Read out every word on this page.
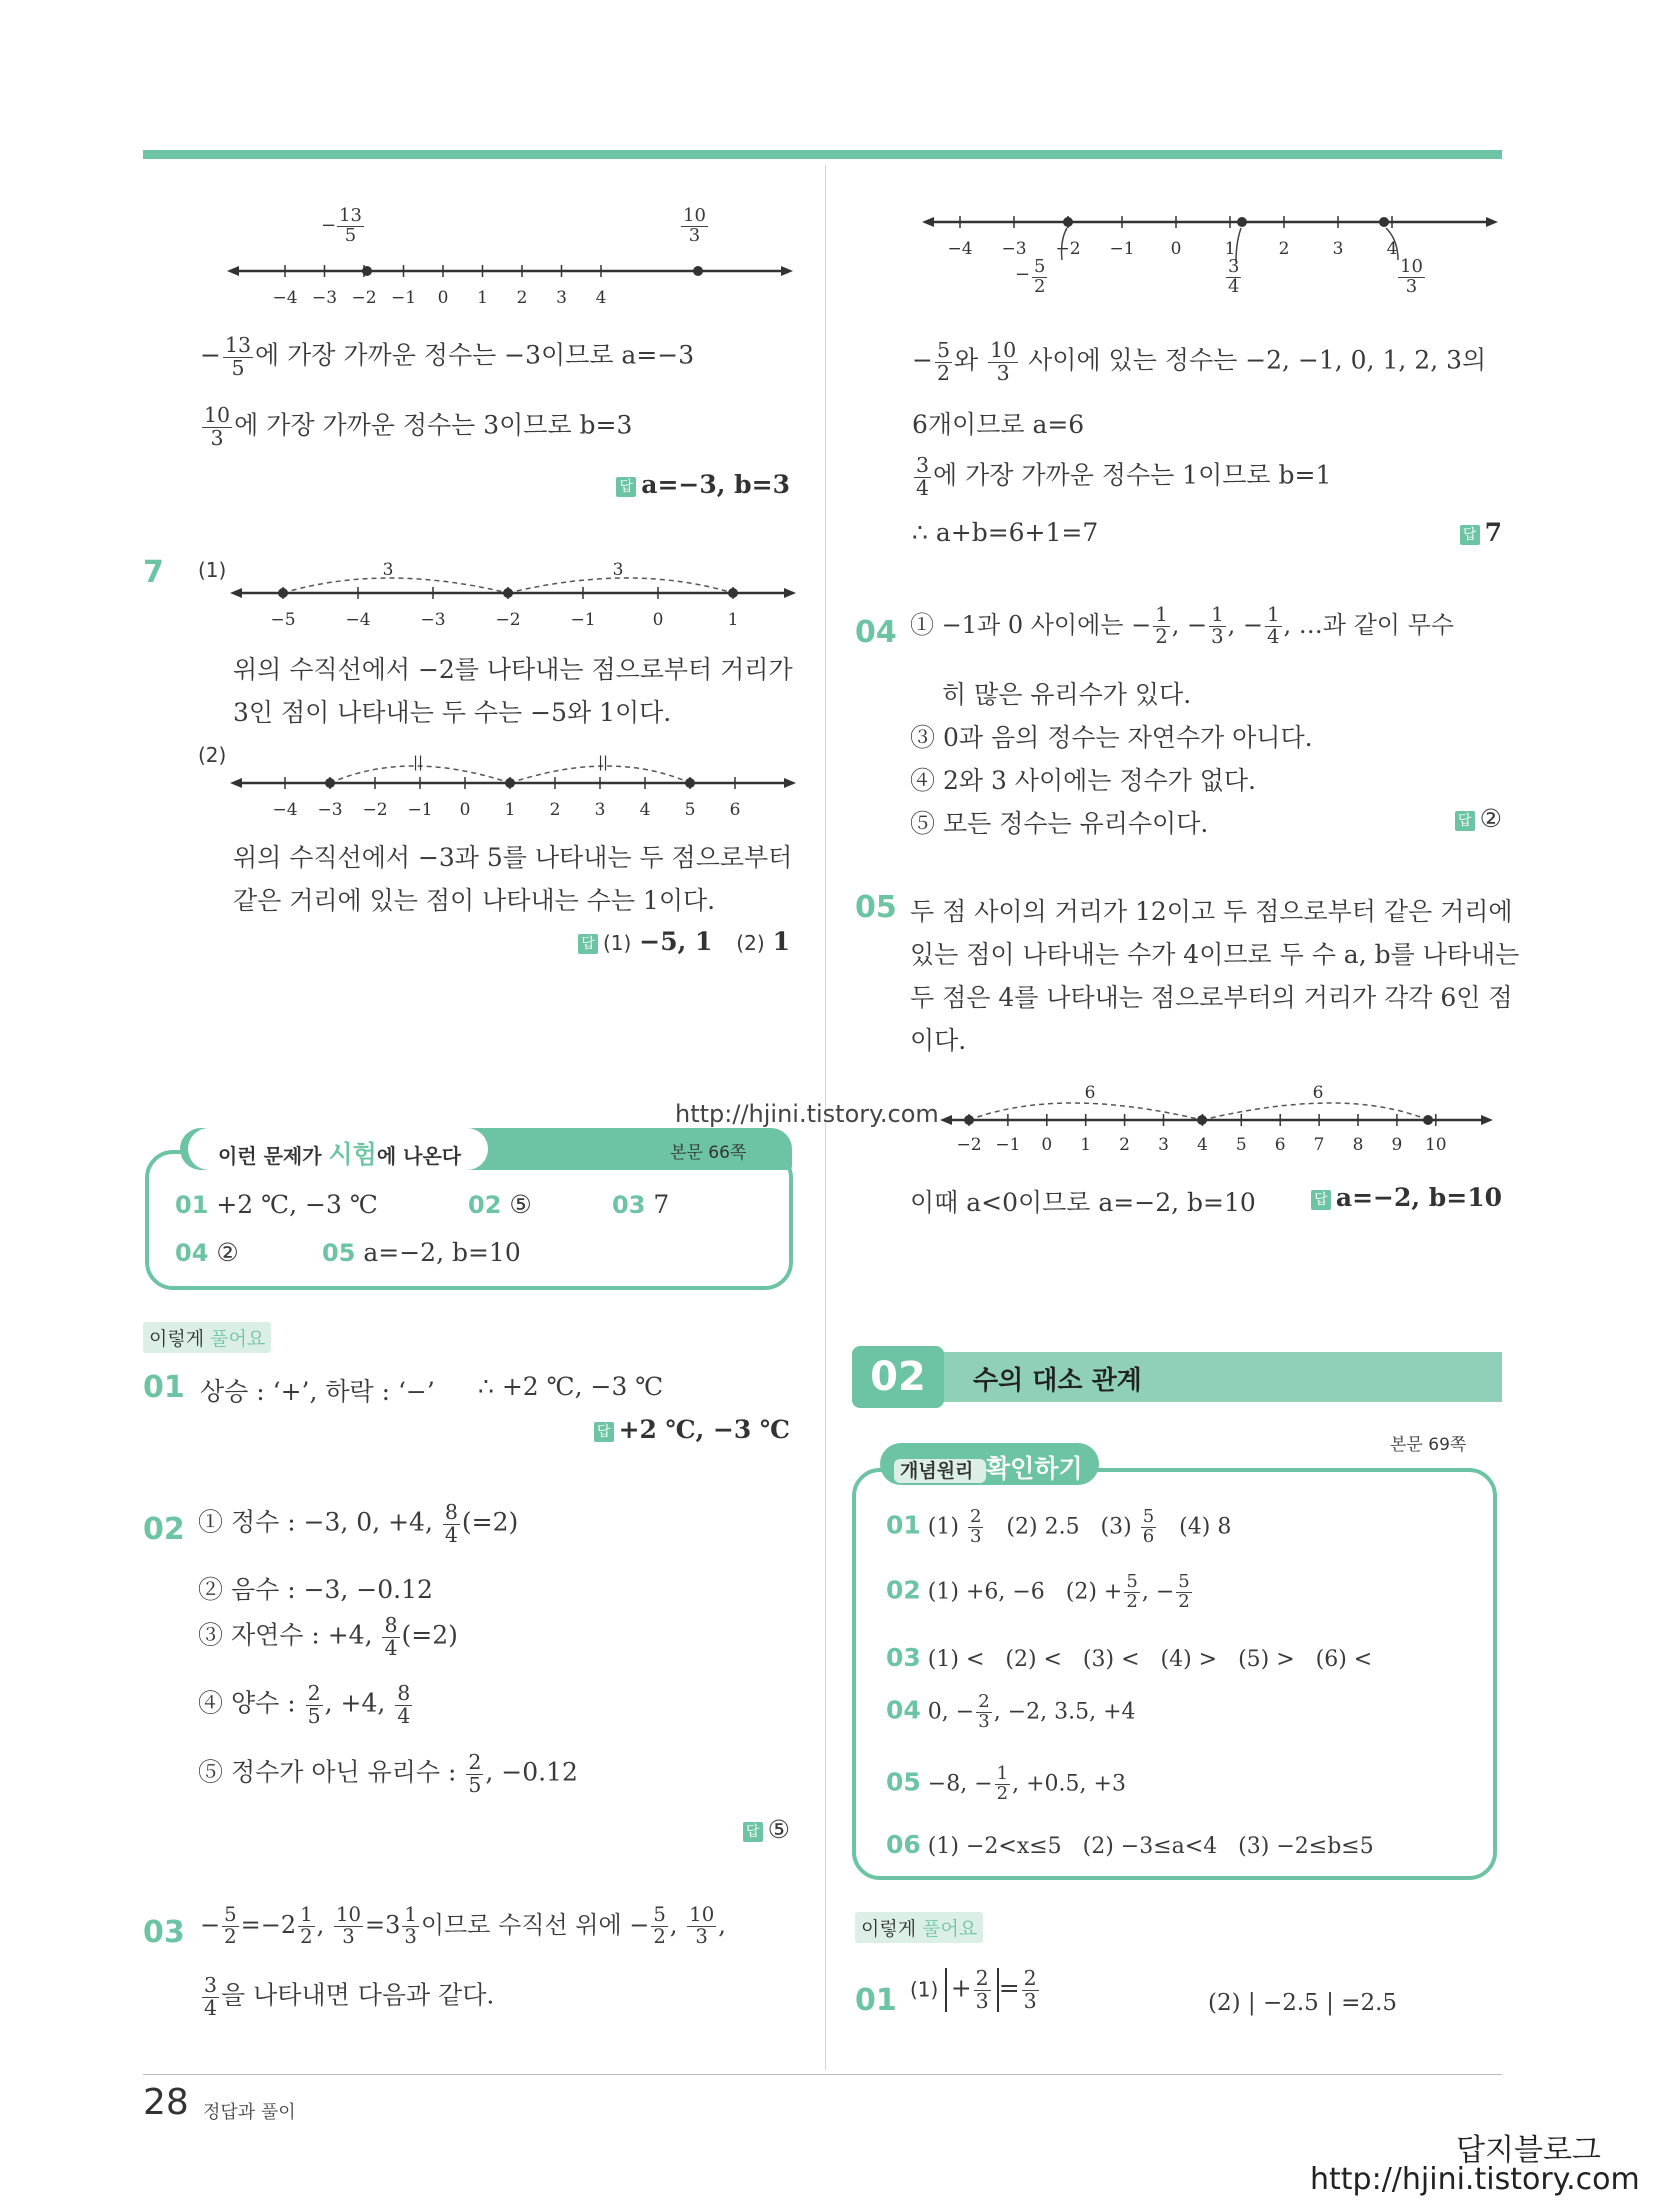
28 정답과 풀이
− $\frac{13}{5}$	$\frac{10}{3}$
−4 −3 −2 −1 0 1 2 3 4
− $\frac{13}{5}$ 에 가장 가까운 정수는 −3이므로 a=−3
$\frac{10}{3}$ 에 가장 가까운 정수는 3이므로 b=3
답 a=−3, b=3
7 (1)	3	3
−5	−4	−3	−2	−1	0	1
위의 수직선에서 −2를 나타내는 점으로부터 거리가
3인 점이 나타내는 두 수는 −5와 1이다.
(2)	||	||
−4 −3 −2 −1 0 1 2 3 4 5 6
위의 수직선에서 −3과 5를 나타내는 두 점으로부터
같은 거리에 있는 점이 나타내는 수는 1이다.
답 (1) −5, 1 (2) 1
이런 문제가 시험에 나온다	본문 66쪽
01 +2 ℃, −3 ℃	02 ⑤	03 7
04 ②	05 a=−2, b=10
이렇게 풀어요
01 상승 : ‘+’, 하락 : ‘−’ ∴ +2 ℃, −3 ℃
답 +2 ℃, −3 ℃
02 ① 정수 : −3, 0, +4, $\frac{8}{4} (=2)$
② 음수 : −3, −0.12
③ 자연수 : +4, $\frac{8}{4} (=2)$
④ 양수 : $\frac{2}{5}$ , +4, $\frac{8}{4}$
⑤ 정수가 아닌 유리수 : $\frac{2}{5}$ , −0.12
답 ⑤
$03 - \frac{5}{2} =-2 \frac{1}{2}$ , $\frac{10}{3} =3 \frac{1}{3}$ 이므로 수직선 위에 − $\frac{5}{2}$ , $\frac{10}{3}$ ,
$\frac{3}{4}$ 을 나타내면 다음과 같다.
−4 −3 −2 −1 0	1	2	3	4
− $\frac{5}{2}$	$\frac{3}{4}$	$\frac{10}{3}$
− $\frac{5}{2}$ 와 $\frac{10}{3}$ 사이에 있는 정수는 −2, −1, 0, 1, 2, 3의
6개이므로 a=6
$\frac{3}{4}$ 에 가장 가까운 정수는 1이므로 b=1
∴ a+b=6+1=7	답 7
04 ① −1과 0 사이에는 − $\frac{1}{2}$ , − $\frac{1}{3}$ , − $\frac{1}{4}$ , …과 같이 무수
히 많은 유리수가 있다.
③ 0과 음의 정수는 자연수가 아니다.
④ 2와 3 사이에는 정수가 없다.
⑤ 모든 정수는 유리수이다.	답 ②
05 두 점 사이의 거리가 12이고 두 점으로부터 같은 거리에
있는 점이 나타내는 수가 4이므로 두 수 a, b를 나타내는
두 점은 4를 나타내는 점으로부터의 거리가 각각 6인 점
이다.
6	6
−2 −1 0 1 2 3 4 5 6 7 8 9 10
이때 a<0이므로 a=−2, b=10	답 a=−2, b=10
02	수의 대소 관계
본문 69쪽
개념원리 확인하기
01 $(1) \frac{2}{3} (2)$ 2.5   $(3) \frac{5}{6} (4)$ 8
02 (1) +6, −6   $(2) + \frac{5}{2}$ , − $\frac{5}{2}$
03 (1) <   (2) <   (3) <   (4) >   (5) >   (6) <
04 0, − $\frac{2}{3}$ , −2, 3.5, +4
05 −8, − $\frac{1}{2}$ , +0.5, +3
06 (1) −2<x≤5   (2) −3≤a<4   (3) −2≤b≤5
이렇게 풀어요
01 $(1) + \frac{2}{3} = \frac{2}{3}$	(2) | −2.5 | =2.5
http://hjini.tistory.com
답지블로그
http://hjini.tistory.com
